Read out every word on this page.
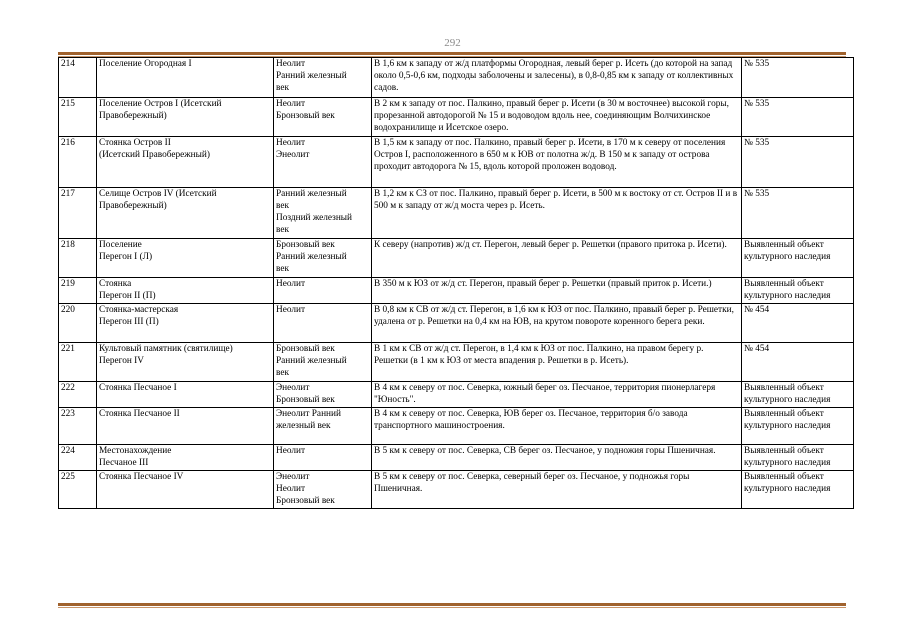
292
214	Поселение Огородная I	Неолит
Ранний железный
век	В 1,6 км к западу от ж/д платформы Огородная, левый берег р. Исеть (до которой на запад около 0,5-0,6 км, подходы заболочены и залесены), в 0,8-0,85 км к западу от коллективных садов.	№ 535

215	Поселение Остров I (Исетский
Правобережный)	Неолит
Бронзовый век	В 2 км к западу от пос. Палкино, правый берег р. Исети (в 30 м восточнее) высокой горы, прорезанной автодорогой № 15 и водоводом вдоль нее, соединяющим Волчихинское водохранилище и Исетское озеро.	№ 535

216	Стоянка Остров II
(Исетский Правобережный)	Неолит
Энеолит	В 1,5 км к западу от пос. Палкино, правый берег р. Исети, в 170 м к северу от поселения Остров I, расположенного в 650 м к ЮВ от полотна ж/д. В 150 м к западу от острова проходит автодорога № 15, вдоль которой проложен водовод.	№ 535

217	Селище Остров IV (Исетский
Правобережный)	Ранний железный
век
Поздний железный
век	В 1,2 км к СЗ от пос. Палкино, правый берег р. Исети, в 500 м к востоку от ст. Остров II и в 500 м к западу от ж/д моста через р. Исеть.	№ 535

218	Поселение
Перегон I (Л)	Бронзовый век
Ранний железный
век	К северу (напротив) ж/д ст. Перегон, левый берег р. Решетки (правого притока р. Исети).	Выявленный объект культурного наследия

219	Стоянка
Перегон II (П)	Неолит	В 350 м к ЮЗ от ж/д ст. Перегон, правый берег р. Решетки (правый приток р. Исети.)	Выявленный объект культурного наследия

220	Стоянка-мастерская
Перегон III (П)	Неолит	В 0,8 км к СВ от ж/д ст. Перегон, в 1,6 км к ЮЗ от пос. Палкино, правый берег р. Решетки, удалена от р. Решетки на 0,4 км на ЮВ, на крутом повороте коренного берега реки.	№ 454

221	Культовый памятник (святилище)
Перегон IV	Бронзовый век
Ранний железный
век	В 1 км к СВ от ж/д ст. Перегон, в 1,4 км к ЮЗ от пос. Палкино, на правом берегу р. Решетки (в 1 км к ЮЗ от места впадения р. Решетки в р. Исеть).	№ 454

222	Стоянка Песчаное I	Энеолит
Бронзовый век	В 4 км к северу от пос. Северка, южный берег оз. Песчаное, территория пионерлагеря "Юность".	Выявленный объект культурного наследия

223	Стоянка Песчаное II	Энеолит Ранний
железный век	В 4 км к северу от пос. Северка, ЮВ берег оз. Песчаное, территория б/о завода транспортного машиностроения.	Выявленный объект культурного наследия

224	Местонахождение
Песчаное III	Неолит	В 5 км к северу от пос. Северка, СВ берег оз. Песчаное, у подножия горы Пшеничная.	Выявленный объект культурного наследия

225	Стоянка Песчаное IV	Энеолит
Неолит
Бронзовый век	В 5 км к северу от пос. Северка, северный берег оз. Песчаное, у подножья горы Пшеничная.	Выявленный объект культурного наследия
